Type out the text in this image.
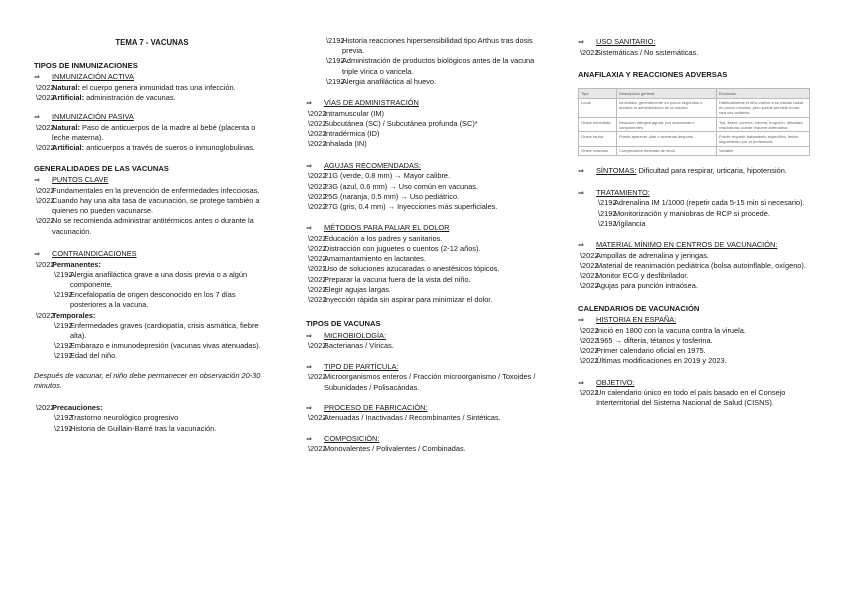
TEMA 7 - VACUNAS
TIPOS DE INMUNIZACIONES
⇒	INMUNIZACIÓN ACTIVA
• Natural: el cuerpo genera inmunidad tras una infección.
• Artificial: administración de vacunas.
⇒	INMUNIZACIÓN PASIVA
• Natural: Paso de anticuerpos de la madre al bebé (placenta o leche materna).
• Artificial: anticuerpos a través de sueros o inmunoglobulinas.
GENERALIDADES DE LAS VACUNAS
⇒	PUNTOS CLAVE
• Fundamentales en la prevención de enfermedades infecciosas.
• Cuando hay una alta tasa de vacunación, se protege también a quienes no pueden vacunarse.
• No se recomienda administrar antitérmicos antes o durante la vacunación.
⇒	CONTRAINDICACIONES
• Permanentes:
→ Alergia anafiláctica grave a una dosis previa o a algún componente.
→ Encefalopatía de origen desconocido en los 7 días posteriores a la vacuna.
• Temporales:
→ Enfermedades graves (cardiopatía, crisis asmática, fiebre alta).
→ Embarazo e inmunodepresión (vacunas vivas atenuadas).
→ Edad del niño.
Después de vacunar, el niño debe permanecer en observación 20-30 minutos.
• Precauciones:
→ Trastorno neurológico progresivo
→ Historia de Guillain-Barré tras la vacunación.
→ Historia reacciones hipersensibilidad tipo Arthus tras dosis previa.
→ Administración de productos biológicos antes de la vacuna triple vírica o varicela.
→ Alergia anafiláctica al huevo.
⇒	VÍAS DE ADMINISTRACIÓN
• Intramuscular (IM)
• Subcutánea (SC) / Subcutánea profunda (SC)*
• Intradérmica (ID)
• Inhalada (IN)
⇒	AGUJAS RECOMENDADAS:
• 21G (verde, 0.8 mm) → Mayor calibre.
• 23G (azul, 0.6 mm) → Uso común en vacunas.
• 25G (naranja, 0.5 mm) → Uso pediátrico.
• 27G (gris, 0.4 mm) → Inyecciones más superficiales.
⇒	MÉTODOS PARA PALIAR EL DOLOR
• Educación a los padres y sanitarios.
• Distracción con juguetes o cuentos (2-12 años).
• Amamantamiento en lactantes.
• Uso de soluciones azucaradas o anestésicos tópicos.
• Preparar la vacuna fuera de la vista del niño.
• Elegir agujas largas.
• Inyección rápida sin aspirar para minimizar el dolor.
TIPOS DE VACUNAS
⇒	MICROBIOLOGÍA:
• Bacterianas / Víricas.
⇒	TIPO DE PARTÍCULA:
• Microorganismos enteros / Fracción microorganismo / Toxoides / Subunidades / Polisacáridas.
⇒	PROCESO DE FABRICACIÓN:
• Atenuadas / Inactivadas / Recombinantes / Sintéticas.
⇒	COMPOSICIÓN:
• Monovalentes / Polivalentes / Combinadas.
⇒	USO SANITARIO:
• Sistemáticas / No sistemáticas.
ANAFILAXIA Y REACCIONES ADVERSAS
Tipo	Descripción general	Evolución
Local	Inmediata, generalmente en pocos segundos o durante la administración de la vacuna	Habitualmente el niño vuelve a su estado basal en pocos minutos, pero puede persistir horas; rara vez cefaleas
Grave inmediata	Reacción alérgica aguda, por sustancias o componentes	Tos, fiebre, picores, edema, erupción, dificultad respiratoria; puede requerir adrenalina
Grave tardía	Puede aparecer días o semanas después	Puede requerir tratamiento específico; lesión, seguimiento por el profesional
Grave reacción	Complicación derivada de otros	Variable
⇒	SÍNTOMAS: Dificultad para respirar, urticaria, hipotensión.
⇒	TRATAMIENTO:
→ Adrenalina IM 1/1000 (repetir cada 5-15 min si necesario).
→ Monitorización y maniobras de RCP si procede.
→ Vigilancia
⇒	MATERIAL MÍNIMO EN CENTROS DE VACUNACIÓN:
• Ampollas de adrenalina y jeringas.
• Material de reanimación pediátrica (bolsa autoinflable, oxígeno).
• Monitor ECG y desfibrilador.
• Agujas para punción intraósea.
CALENDARIOS DE VACUNACIÓN
⇒	HISTORIA EN ESPAÑA:
• Inició en 1800 con la vacuna contra la viruela.
• 1965 → difteria, tétanos y tosferina.
• Primer calendario oficial en 1975.
• Últimas modificaciones en 2019 y 2023.
⇒	OBJETIVO:
• Un calendario único en todo el país basado en el Consejo Interterritorial del Sistema Nacional de Salud (CISNS).
